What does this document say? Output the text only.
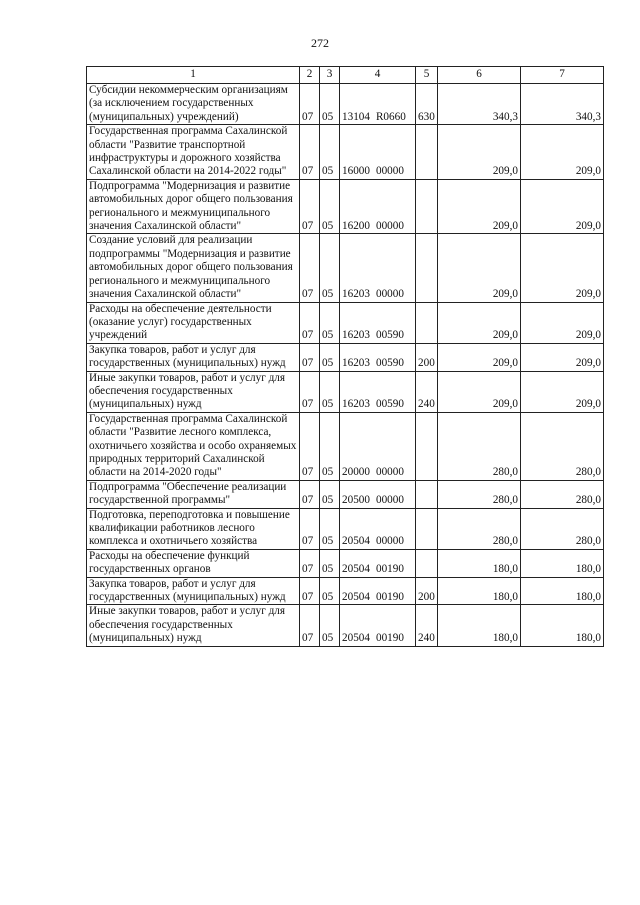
272
1	2	3	4	5	6	7
Субсидии некоммерческим организациям (за исключением государственных (муниципальных) учреждений)	07	05	13104 R0660	630	340,3	340,3
Государственная программа Сахалинской области "Развитие транспортной инфраструктуры и дорожного хозяйства Сахалинской области на 2014-2022 годы"	07	05	16000 00000		209,0	209,0
Подпрограмма "Модернизация и развитие автомобильных дорог общего пользования регионального и межмуниципального значения Сахалинской области"	07	05	16200 00000		209,0	209,0
Создание условий для реализации подпрограммы "Модернизация и развитие автомобильных дорог общего пользования регионального и межмуниципального значения Сахалинской области"	07	05	16203 00000		209,0	209,0
Расходы на обеспечение деятельности (оказание услуг) государственных учреждений	07	05	16203 00590		209,0	209,0
Закупка товаров, работ и услуг для государственных (муниципальных) нужд	07	05	16203 00590	200	209,0	209,0
Иные закупки товаров, работ и услуг для обеспечения государственных (муниципальных) нужд	07	05	16203 00590	240	209,0	209,0
Государственная программа Сахалинской области "Развитие лесного комплекса, охотничьего хозяйства и особо охраняемых природных территорий Сахалинской области на 2014-2020 годы"	07	05	20000 00000		280,0	280,0
Подпрограмма "Обеспечение реализации государственной программы"	07	05	20500 00000		280,0	280,0
Подготовка, переподготовка и повышение квалификации работников лесного комплекса и охотничьего хозяйства	07	05	20504 00000		280,0	280,0
Расходы на обеспечение функций государственных органов	07	05	20504 00190		180,0	180,0
Закупка товаров, работ и услуг для государственных (муниципальных) нужд	07	05	20504 00190	200	180,0	180,0
Иные закупки товаров, работ и услуг для обеспечения государственных (муниципальных) нужд	07	05	20504 00190	240	180,0	180,0
